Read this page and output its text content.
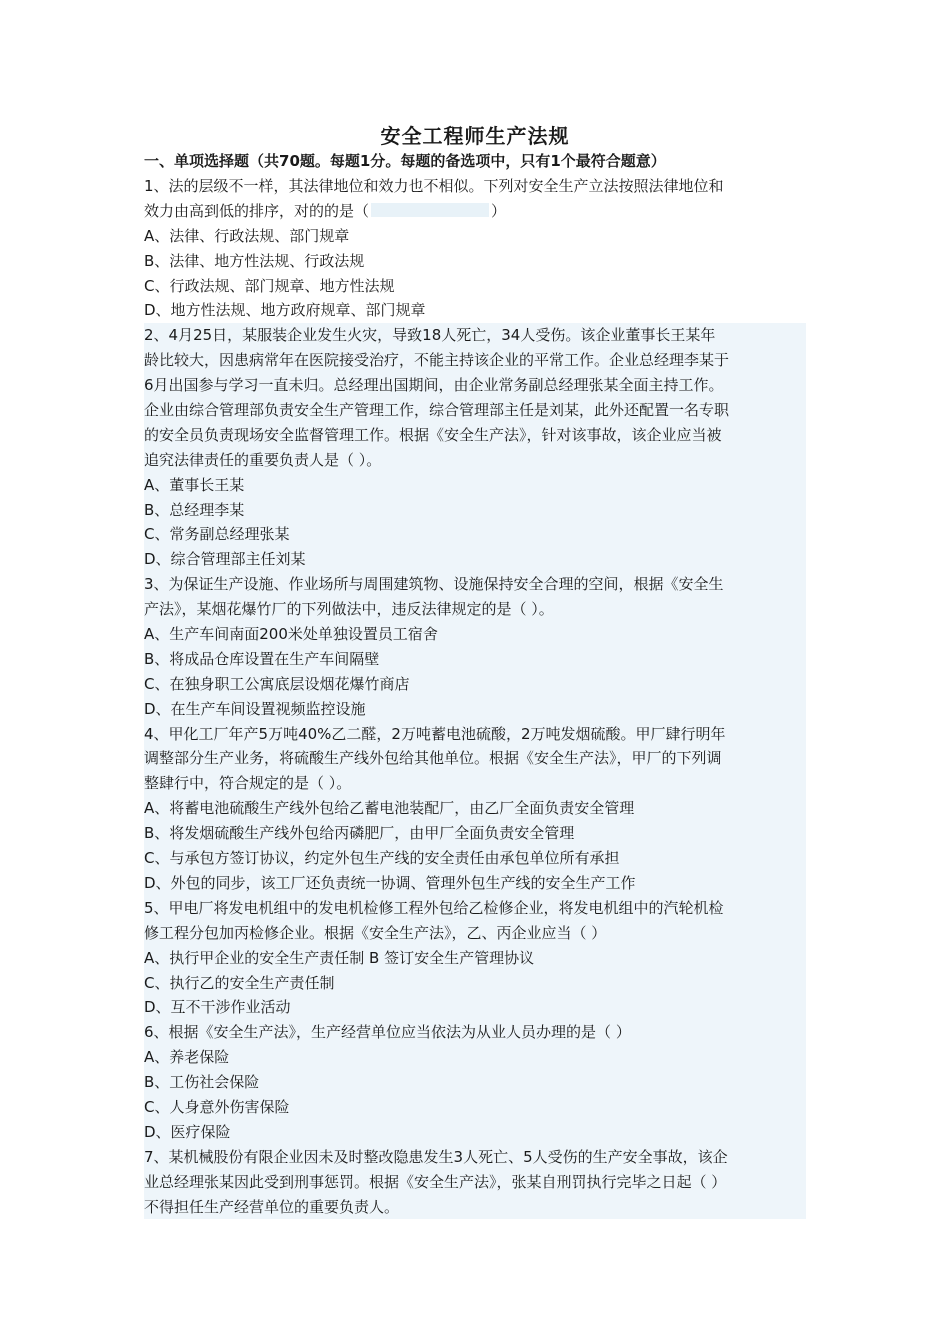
安全工程师生产法规
一、单项选择题（共70题。每题1分。每题的备选项中，只有1个最符合题意）
1、法的层级不一样，其法律地位和效力也不相似。下列对安全生产立法按照法律地位和
效力由高到低的排序，对的的是（	）
A、法律、行政法规、部门规章
B、法律、地方性法规、行政法规
C、行政法规、部门规章、地方性法规
D、地方性法规、地方政府规章、部门规章
2、4月25日，某服装企业发生火灾，导致18人死亡，34人受伤。该企业董事长王某年
龄比较大，因患病常年在医院接受治疗，不能主持该企业的平常工作。企业总经理李某于
6月出国参与学习一直未归。总经理出国期间，由企业常务副总经理张某全面主持工作。
企业由综合管理部负责安全生产管理工作，综合管理部主任是刘某，此外还配置一名专职
的安全员负责现场安全监督管理工作。根据《安全生产法》，针对该事故，该企业应当被
追究法律责任的重要负责人是（ ）。
A、董事长王某
B、总经理李某
C、常务副总经理张某
D、综合管理部主任刘某
3、为保证生产设施、作业场所与周围建筑物、设施保持安全合理的空间，根据《安全生
产法》，某烟花爆竹厂的下列做法中，违反法律规定的是（ ）。
A、生产车间南面200米处单独设置员工宿舍
B、将成品仓库设置在生产车间隔壁
C、在独身职工公寓底层设烟花爆竹商店
D、在生产车间设置视频监控设施
4、甲化工厂年产5万吨40%乙二醛，2万吨蓄电池硫酸，2万吨发烟硫酸。甲厂肆行明年
调整部分生产业务，将硫酸生产线外包给其他单位。根据《安全生产法》，甲厂的下列调
整肆行中，符合规定的是（ ）。
A、将蓄电池硫酸生产线外包给乙蓄电池装配厂，由乙厂全面负责安全管理
B、将发烟硫酸生产线外包给丙磷肥厂，由甲厂全面负责安全管理
C、与承包方签订协议，约定外包生产线的安全责任由承包单位所有承担
D、外包的同步，该工厂还负责统一协调、管理外包生产线的安全生产工作
5、甲电厂将发电机组中的发电机检修工程外包给乙检修企业，将发电机组中的汽轮机检
修工程分包加丙检修企业。根据《安全生产法》，乙、丙企业应当（ ）
A、执行甲企业的安全生产责任制 B 签订安全生产管理协议
C、执行乙的安全生产责任制
D、互不干涉作业活动
6、根据《安全生产法》，生产经营单位应当依法为从业人员办理的是（ ）
A、养老保险
B、工伤社会保险
C、人身意外伤害保险
D、医疗保险
7、某机械股份有限企业因未及时整改隐患发生3人死亡、5人受伤的生产安全事故，该企
业总经理张某因此受到刑事惩罚。根据《安全生产法》，张某自刑罚执行完毕之日起（ ）
不得担任生产经营单位的重要负责人。
